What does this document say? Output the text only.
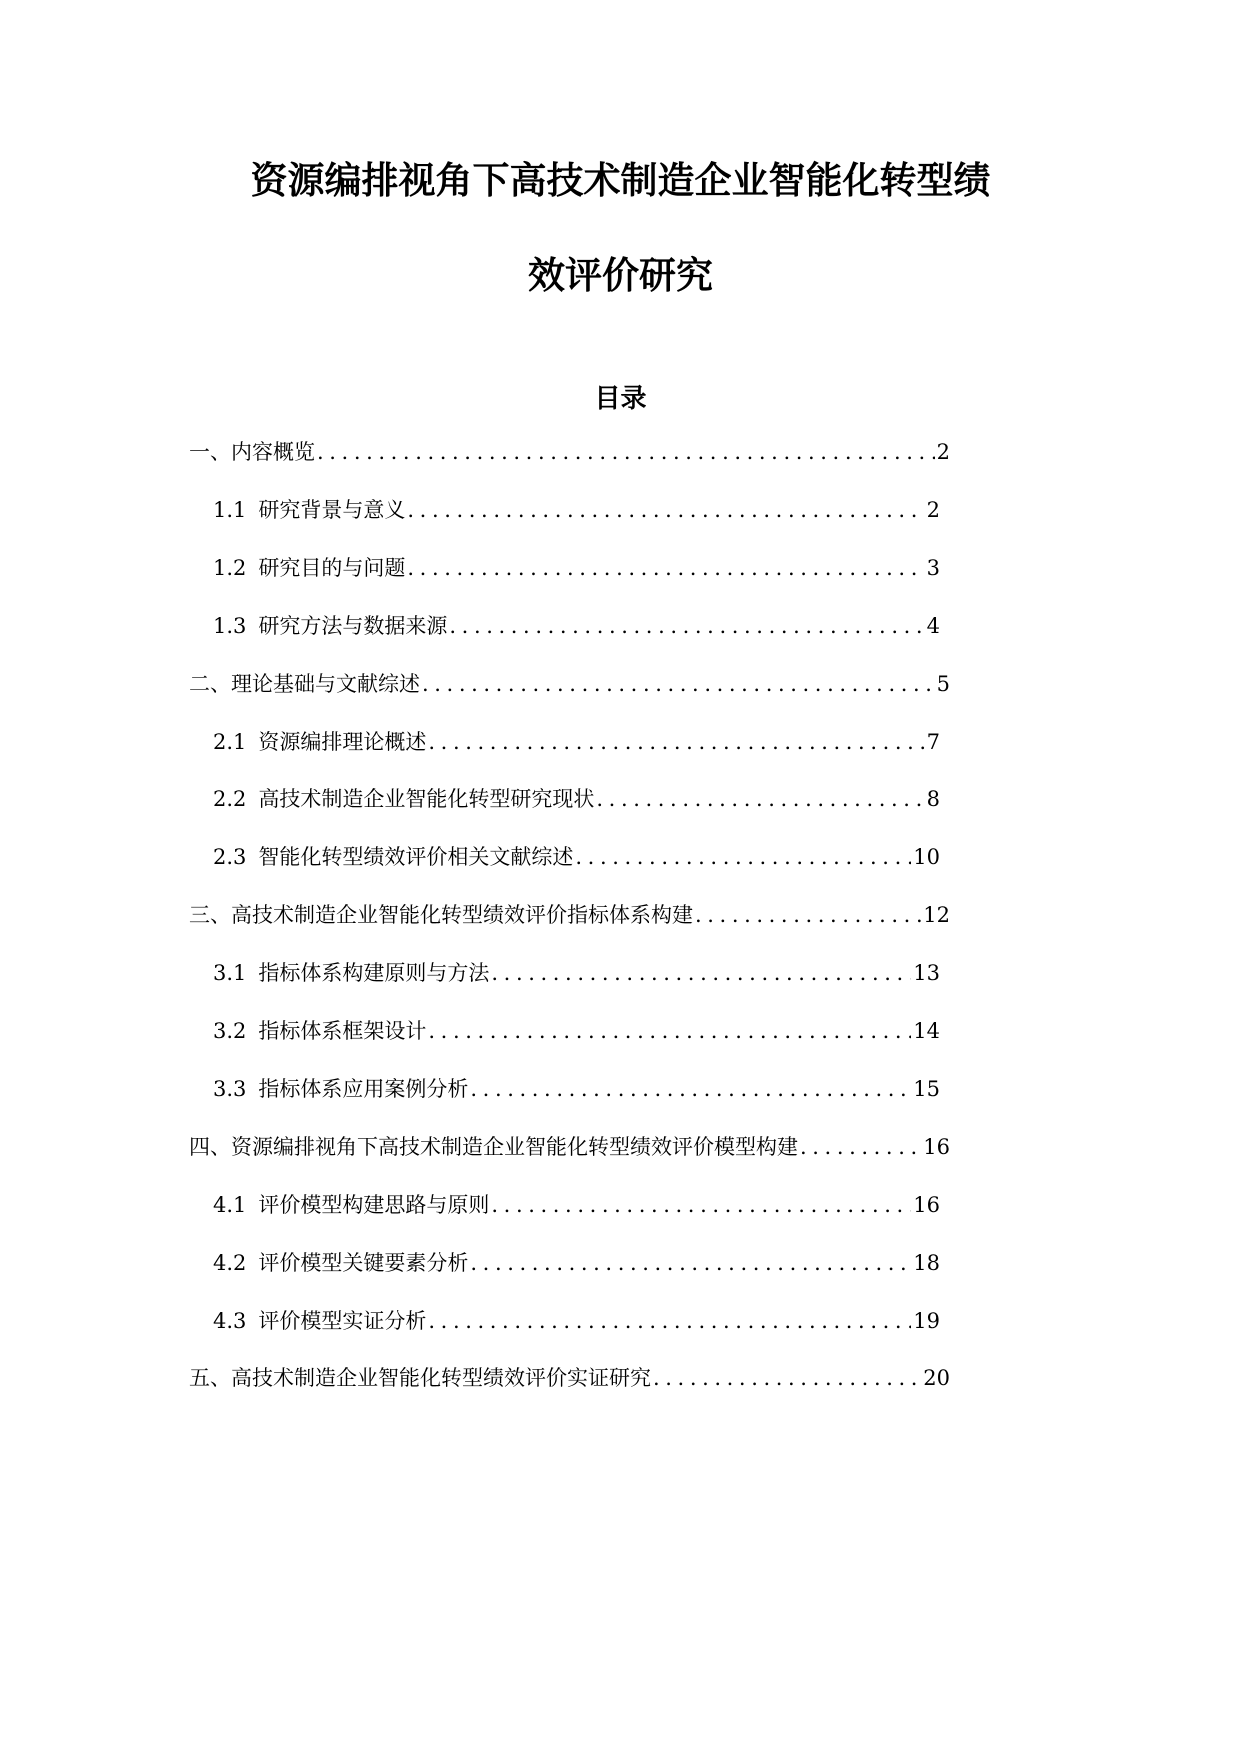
资源编排视角下高技术制造企业智能化转型绩
效评价研究
目录
一、内容概览 .....	2
1.1 研究背景与意义 .....	2
1.2 研究目的与问题 .....	3
1.3 研究方法与数据来源 .....	4
二、理论基础与文献综述 .....	5
2.1 资源编排理论概述 .....	7
2.2 高技术制造企业智能化转型研究现状 .....	8
2.3 智能化转型绩效评价相关文献综述 .....	10
三、高技术制造企业智能化转型绩效评价指标体系构建 .....	12
3.1 指标体系构建原则与方法 .....	13
3.2 指标体系框架设计 .....	14
3.3 指标体系应用案例分析 .....	15
四、资源编排视角下高技术制造企业智能化转型绩效评价模型构建 .....	16
4.1 评价模型构建思路与原则 .....	16
4.2 评价模型关键要素分析 .....	18
4.3 评价模型实证分析 .....	19
五、高技术制造企业智能化转型绩效评价实证研究 .....	20
